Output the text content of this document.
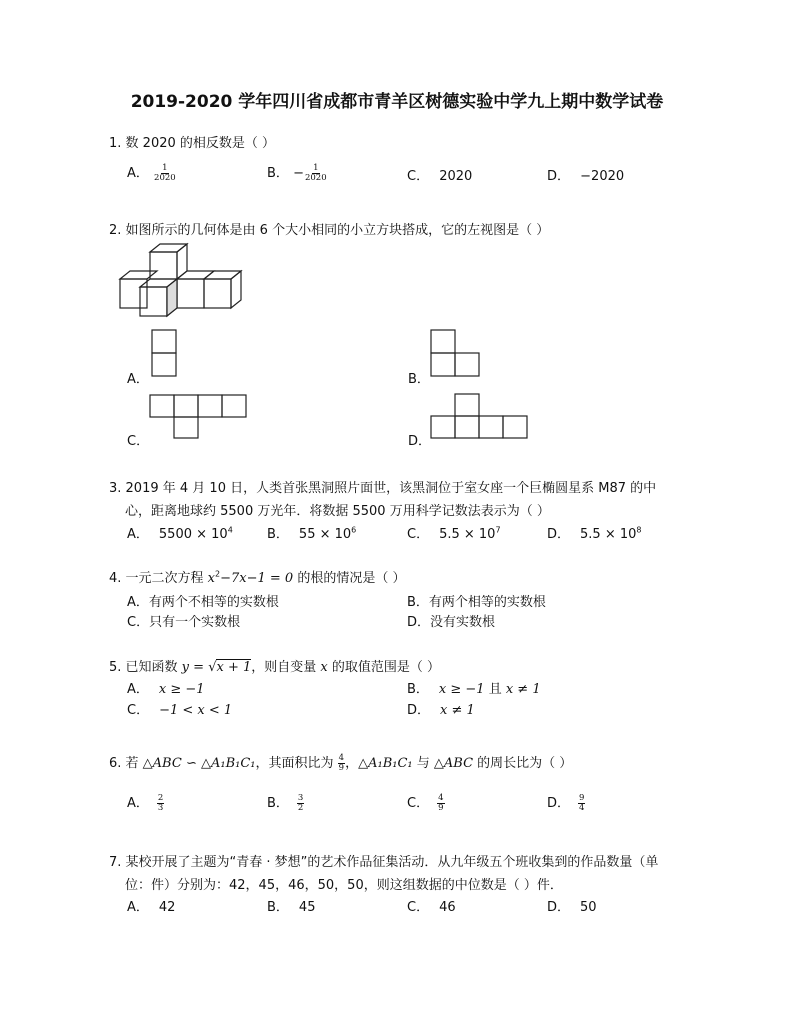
2019-2020 学年四川省成都市青羊区树德实验中学九上期中数学试卷
1. 数 2020 的相反数是（ ）
A． $\frac{1}{2020}$	B． − $\frac{1}{2020}$	C． 2020	D． −2020
2. 如图所示的几何体是由 6 个大小相同的小立方块搭成，它的左视图是（ ）
A．	B．
C．	D．
3. 2019 年 4 月 10 日，人类首张黑洞照片面世，该黑洞位于室女座一个巨椭圆星系 M87 的中
心，距离地球约 5500 万光年．将数据 5500 万用科学记数法表示为（ ）
A． $5500 \times 10^4$	B． $55 \times 10^6$	C． $5.5 \times 10^7$	D． $5.5 \times 10^8$
4. 一元二次方程 $x^2-7x-1 = 0$ 的根的情况是（ ）
A．有两个不相等的实数根	B．有两个相等的实数根
C．只有一个实数根	D．没有实数根
5. 已知函数 y = √x + 1，则自变量 x 的取值范围是（ ）
A． x ≥ −1	B． x ≥ −1 且 x ≠ 1
C． −1 < x < 1	D． x ≠ 1
6. 若 △ABC ∽ △A₁B₁C₁，其面积比为 $\frac{4}{9}$ ，△A₁B₁C₁ 与 △ABC 的周长比为（ ）
A． $\frac{2}{3}$	B． $\frac{3}{2}$	C． $\frac{4}{9}$	D． $\frac{9}{4}$
7. 某校开展了主题为“青春 · 梦想”的艺术作品征集活动．从九年级五个班收集到的作品数量（单
位：件）分别为：42，45，46，50，50，则这组数据的中位数是（ ）件．
A． 42	B． 45	C． 46	D． 50
